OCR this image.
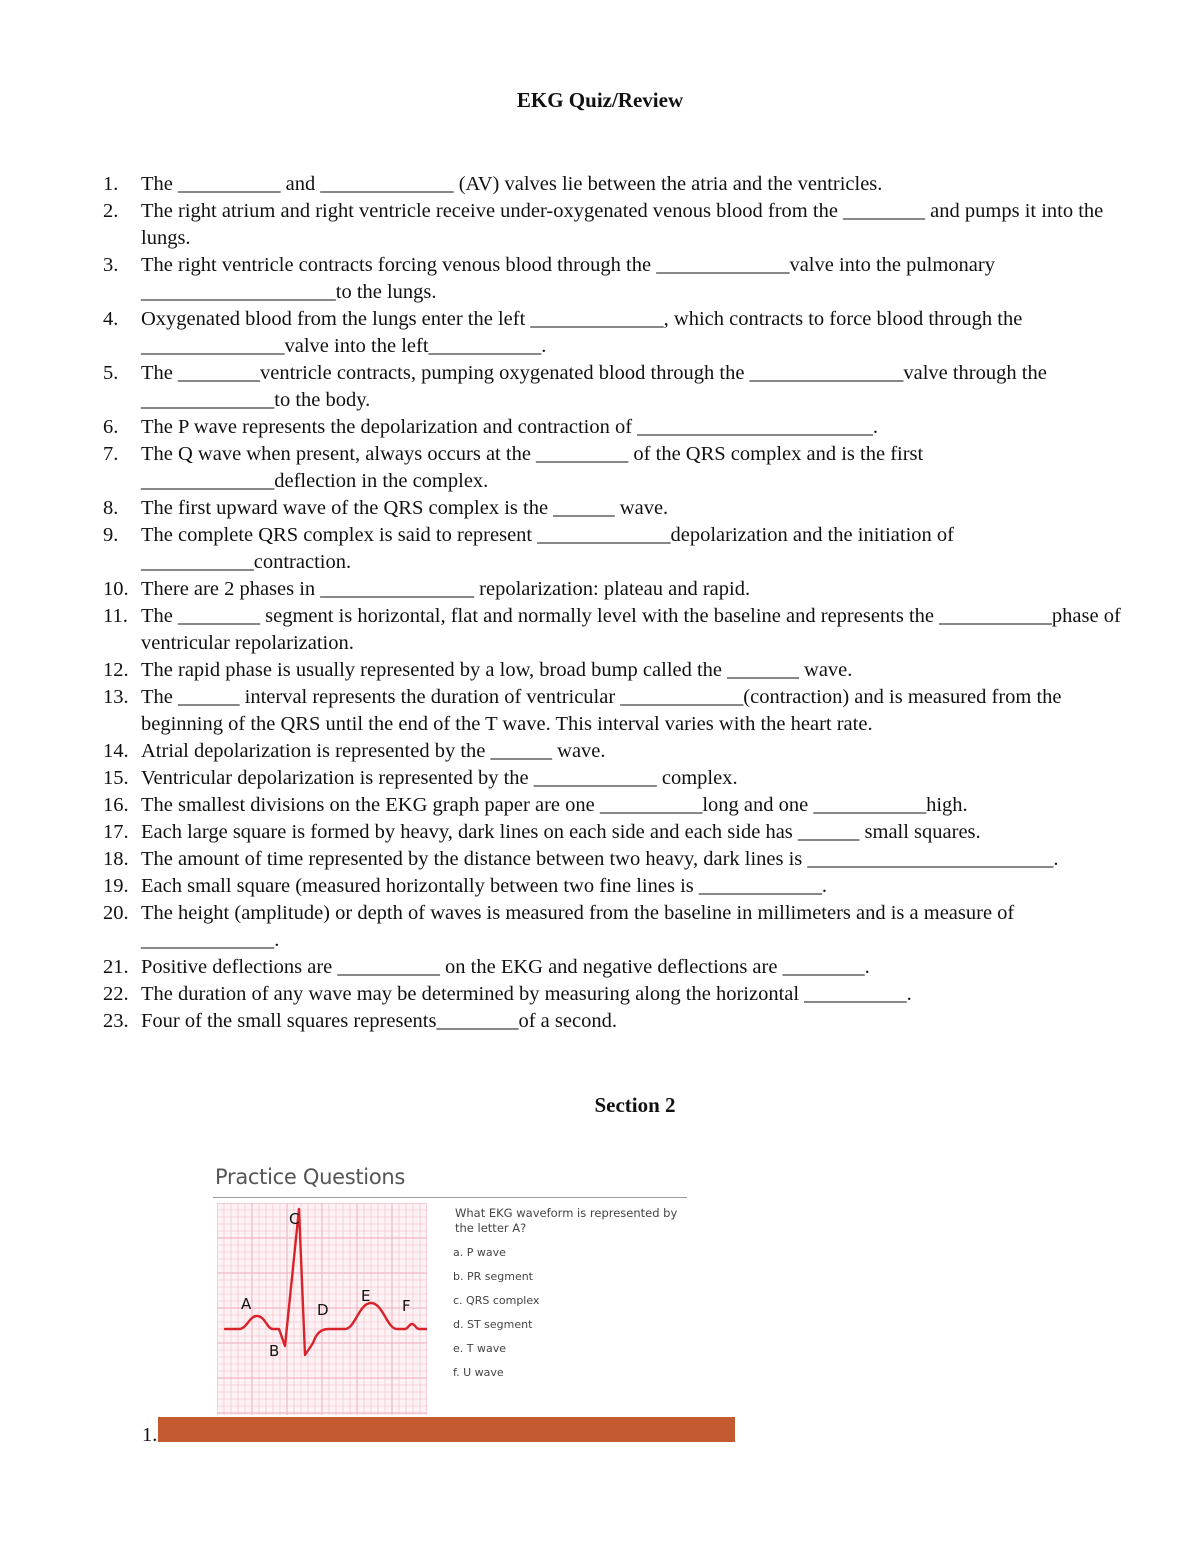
EKG Quiz/Review
1.	The __________ and _____________ (AV) valves lie between the atria and the ventricles.
2.	The right atrium and right ventricle receive under-oxygenated venous blood from the ________ and pumps it into the lungs.
3.	The right ventricle contracts forcing venous blood through the _____________valve into the pulmonary ___________________to the lungs.
4.	Oxygenated blood from the lungs enter the left _____________, which contracts to force blood through the ______________valve into the left___________.
5.	The ________ventricle contracts, pumping oxygenated blood through the _______________valve through the _____________to the body.
6.	The P wave represents the depolarization and contraction of _______________________.
7.	The Q wave when present, always occurs at the _________ of the QRS complex and is the first _____________deflection in the complex.
8.	The first upward wave of the QRS complex is the ______ wave.
9.	The complete QRS complex is said to represent _____________depolarization and the initiation of ___________contraction.
10. There are 2 phases in _______________ repolarization: plateau and rapid.
11. The ________ segment is horizontal, flat and normally level with the baseline and represents the ___________phase of ventricular repolarization.
12. The rapid phase is usually represented by a low, broad bump called the _______ wave.
13. The ______ interval represents the duration of ventricular ____________(contraction) and is measured from the beginning of the QRS until the end of the T wave. This interval varies with the heart rate.
14. Atrial depolarization is represented by the ______ wave.
15. Ventricular depolarization is represented by the ____________ complex.
16. The smallest divisions on the EKG graph paper are one __________long and one ___________high.
17. Each large square is formed by heavy, dark lines on each side and each side has ______ small squares.
18. The amount of time represented by the distance between two heavy, dark lines is ________________________.
19. Each small square (measured horizontally between two fine lines is ____________.
20. The height (amplitude) or depth of waves is measured from the baseline in millimeters and is a measure of _____________.
21. Positive deflections are __________ on the EKG and negative deflections are ________.
22. The duration of any wave may be determined by measuring along the horizontal __________.
23. Four of the small squares represents________of a second.
Section 2
Practice Questions
A
B
C
D
E
F
What EKG waveform is represented by the letter A?
a. P wave
b. PR segment
c. QRS complex
d. ST segment
e. T wave
f. U wave
1.
